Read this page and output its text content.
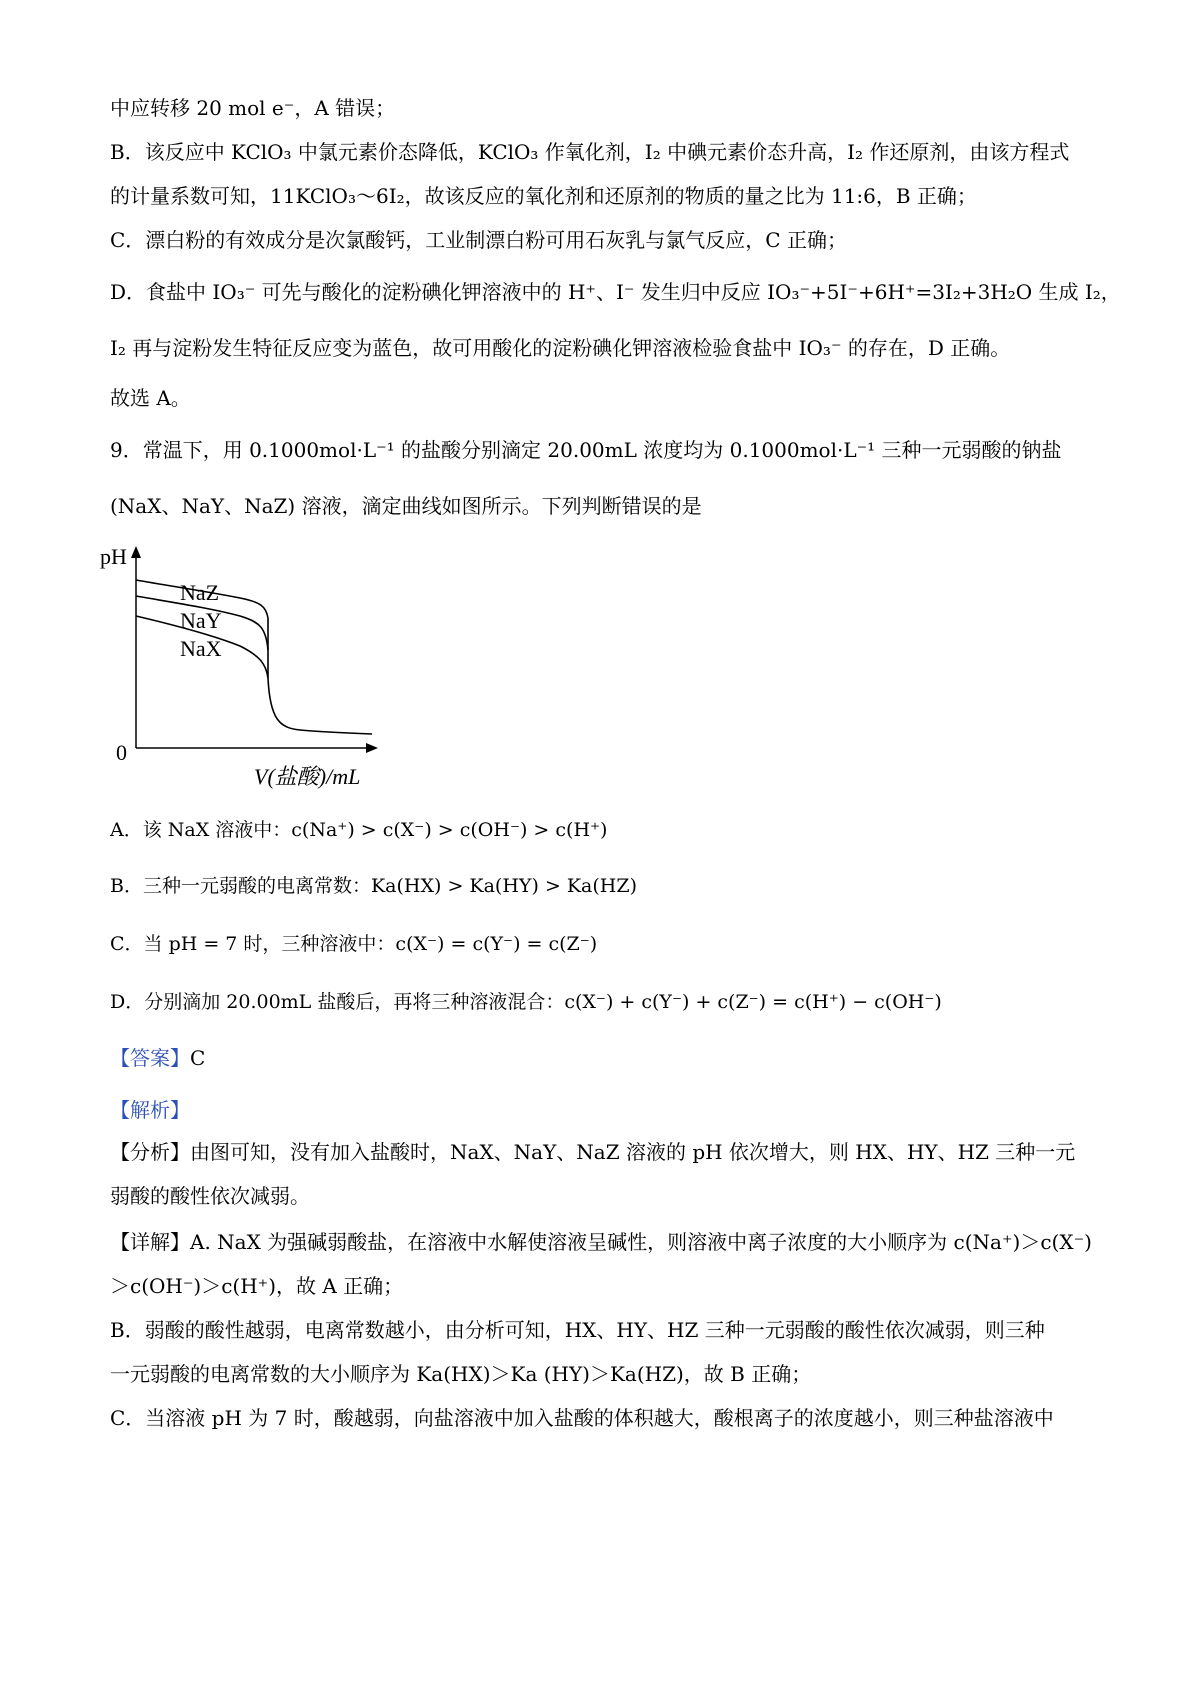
中应转移 20 mol e⁻，A 错误；
B．该反应中 KClO₃ 中氯元素价态降低，KClO₃ 作氧化剂，I₂ 中碘元素价态升高，I₂ 作还原剂，由该方程式
的计量系数可知，11KClO₃～6I₂，故该反应的氧化剂和还原剂的物质的量之比为 11:6，B 正确；
C．漂白粉的有效成分是次氯酸钙，工业制漂白粉可用石灰乳与氯气反应，C 正确；
D．食盐中 IO₃⁻ 可先与酸化的淀粉碘化钾溶液中的 H⁺、I⁻ 发生归中反应 IO₃⁻+5I⁻+6H⁺=3I₂+3H₂O 生成 I₂，
I₂ 再与淀粉发生特征反应变为蓝色，故可用酸化的淀粉碘化钾溶液检验食盐中 IO₃⁻ 的存在，D 正确。
故选 A。
9．常温下，用 0.1000mol·L⁻¹ 的盐酸分别滴定 20.00mL 浓度均为 0.1000mol·L⁻¹ 三种一元弱酸的钠盐
(NaX、NaY、NaZ) 溶液，滴定曲线如图所示。下列判断错误的是
NaZ
NaY
NaX
pH
0
V(盐酸)/mL
A．该 NaX 溶液中：c(Na⁺) > c(X⁻) > c(OH⁻) > c(H⁺)
B．三种一元弱酸的电离常数：Ka(HX) > Ka(HY) > Ka(HZ)
C．当 pH = 7 时，三种溶液中：c(X⁻) = c(Y⁻) = c(Z⁻)
D．分别滴加 20.00mL 盐酸后，再将三种溶液混合：c(X⁻) + c(Y⁻) + c(Z⁻) = c(H⁺) − c(OH⁻)
【答案】C
【解析】
【分析】由图可知，没有加入盐酸时，NaX、NaY、NaZ 溶液的 pH 依次增大，则 HX、HY、HZ 三种一元
弱酸的酸性依次减弱。
【详解】A. NaX 为强碱弱酸盐，在溶液中水解使溶液呈碱性，则溶液中离子浓度的大小顺序为 c(Na⁺)＞c(X⁻)
＞c(OH⁻)＞c(H⁺)，故 A 正确；
B．弱酸的酸性越弱，电离常数越小，由分析可知，HX、HY、HZ 三种一元弱酸的酸性依次减弱，则三种
一元弱酸的电离常数的大小顺序为 Ka(HX)＞Ka (HY)＞Ka(HZ)，故 B 正确；
C．当溶液 pH 为 7 时，酸越弱，向盐溶液中加入盐酸的体积越大，酸根离子的浓度越小，则三种盐溶液中
